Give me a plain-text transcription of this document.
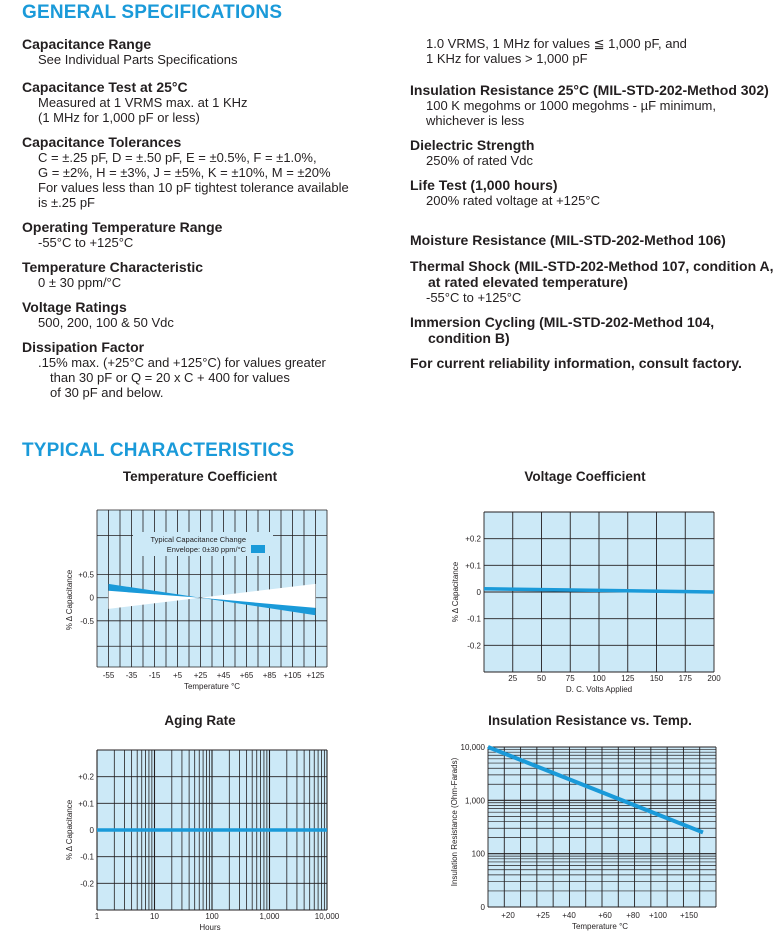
GENERAL SPECIFICATIONS
Capacitance Range
See Individual Parts Specifications
Capacitance Test at 25°C
Measured at 1 VRMS max. at 1 KHz
(1 MHz for 1,000 pF or less)
Capacitance Tolerances
C = ±.25 pF, D = ±.50 pF, E = ±0.5%, F = ±1.0%,
G = ±2%, H = ±3%, J = ±5%, K = ±10%, M = ±20%
For values less than 10 pF tightest tolerance available
is ±.25 pF
Operating Temperature Range
-55°C to +125°C
Temperature Characteristic
0 ± 30 ppm/°C
Voltage Ratings
500, 200, 100 & 50 Vdc
Dissipation Factor
.15% max. (+25°C and +125°C) for values greater
than 30 pF or Q = 20 x C + 400 for values
of 30 pF and below.
1.0 VRMS, 1 MHz for values ≦ 1,000 pF, and
1 KHz for values > 1,000 pF
Insulation Resistance 25°C (MIL-STD-202-Method 302)
100 K megohms or 1000 megohms - µF minimum,
whichever is less
Dielectric Strength
250% of rated Vdc
Life Test (1,000 hours)
200% rated voltage at +125°C
Moisture Resistance (MIL-STD-202-Method 106)
Thermal Shock (MIL-STD-202-Method 107, condition A,
at rated elevated temperature)
-55°C to +125°C
Immersion Cycling (MIL-STD-202-Method 104,
condition B)
For current reliability information, consult factory.
TYPICAL CHARACTERISTICS
Temperature Coefficient	Voltage Coefficient
Aging Rate	Insulation Resistance vs. Temp.
Typical Capacitance Change
Envelope: 0±30 ppm/°C
-55 -35 -15 +5 +25 +45 +65 +85 +105 +125
+0.5
0
-0.5
Temperature °C
% Δ Capacitance
25 50 75 100 125 150 175 200
+0.2
+0.1
0
-0.1
-0.2
D. C. Volts Applied
% Δ Capacitance
1	10	100	1,000	10,000
+0.2
+0.1
0
-0.1
-0.2
Hours
% Δ Capacitance
+20	+25 +40	+60 +80 +100 +150
10,000
1,000
100
0
Temperature °C
Insulation Resistance (Ohm-Farads)
